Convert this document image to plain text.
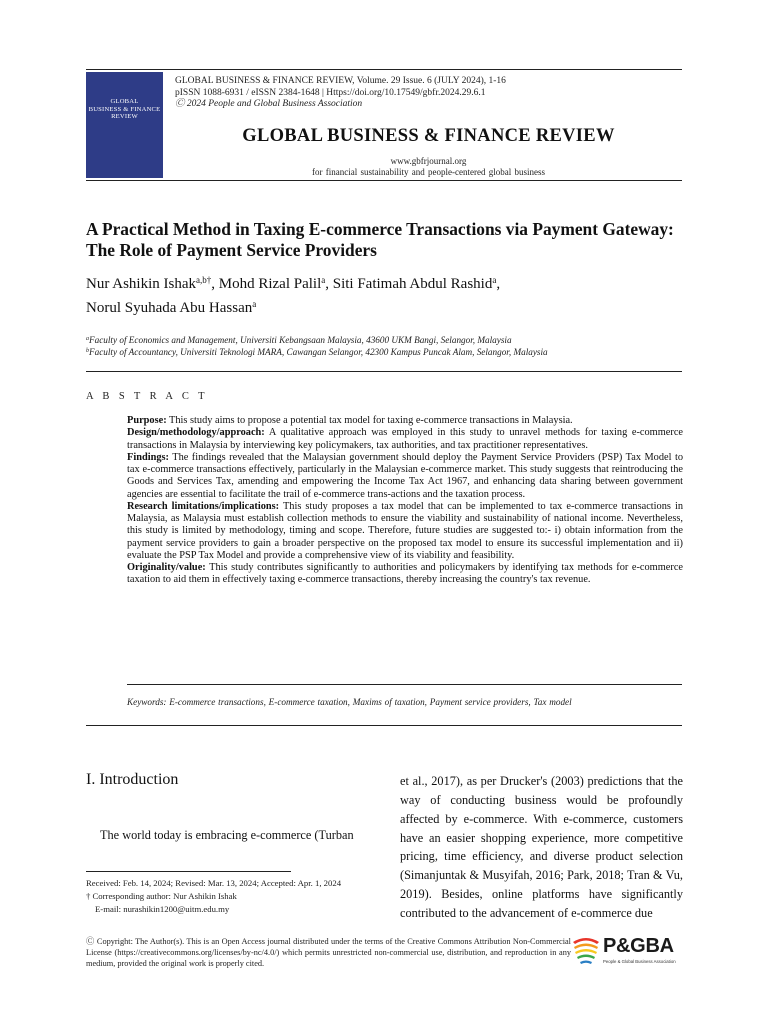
GLOBAL
BUSINESS & FINANCE
REVIEW
GLOBAL BUSINESS & FINANCE REVIEW, Volume. 29 Issue. 6 (JULY 2024), 1-16
pISSN 1088-6931 / eISSN 2384-1648 | Https://doi.org/10.17549/gbfr.2024.29.6.1
Ⓒ 2024 People and Global Business Association
GLOBAL BUSINESS & FINANCE REVIEW
www.gbfrjournal.org
for financial sustainability and people-centered global business
A Practical Method in Taxing E-commerce Transactions via Payment Gateway: The Role of Payment Service Providers
Nur Ashikin Ishak$^{a,b\dagger}$, Mohd Rizal Palil$^a$, Siti Fatimah Abdul Rashid$^a$,
Norul Syuhada Abu Hassan$^a$
$^a$Faculty of Economics and Management, Universiti Kebangsaan Malaysia, 43600 UKM Bangi, Selangor, Malaysia
$^b$Faculty of Accountancy, Universiti Teknologi MARA, Cawangan Selangor, 42300 Kampus Puncak Alam, Selangor, Malaysia
A B S T R A C T

Purpose: This study aims to propose a potential tax model for taxing e-commerce transactions in Malaysia.

Design/methodology/approach: A qualitative approach was employed in this study to unravel methods for taxing e-commerce transactions in Malaysia by interviewing key policymakers, tax authorities, and tax practitioner representatives.

Findings: The findings revealed that the Malaysian government should deploy the Payment Service Providers (PSP) Tax Model to tax e-commerce transactions effectively, particularly in the Malaysian e-commerce market. This study suggests that reintroducing the Goods and Services Tax, amending and empowering the Income Tax Act 1967, and enhancing data sharing between government agencies are essential to facilitate the trail of e-commerce trans-actions and the taxation process.

Research limitations/implications: This study proposes a tax model that can be implemented to tax e-commerce transactions in Malaysia, as Malaysia must establish collection methods to ensure the viability and sustainability of national income. Nevertheless, this study is limited by methodology, timing and scope. Therefore, future studies are suggested to:- i) obtain information from the payment service providers to gain a broader perspective on the proposed tax model to ensure its successful implementation and ii) evaluate the PSP Tax Model and provide a comprehensive view of its viability and feasibility.

Originality/value: This study contributes significantly to authorities and policymakers by identifying tax methods for e-commerce taxation to aid them in effectively taxing e-commerce transactions, thereby increasing the country's tax revenue.

Keywords: E-commerce transactions, E-commerce taxation, Maxims of taxation, Payment service providers, Tax model
I. Introduction
The world today is embracing e-commerce (Turban
et al., 2017), as per Drucker's (2003) predictions that the way of conducting business would be profoundly affected by e-commerce. With e-commerce, customers have an easier shopping experience, more competitive pricing, time efficiency, and diverse product selection (Simanjuntak & Musyifah, 2016; Park, 2018; Tran & Vu, 2019). Besides, online platforms have significantly contributed to the advancement of e-commerce due
Received: Feb. 14, 2024; Revised: Mar. 13, 2024; Accepted: Apr. 1, 2024
† Corresponding author: Nur Ashikin Ishak
E-mail: nurashikin1200@uitm.edu.my
Ⓒ Copyright: The Author(s). This is an Open Access journal distributed under the terms of the Creative Commons Attribution Non-Commercial License (https://creativecommons.org/licenses/by-nc/4.0/) which permits unrestricted non-commercial use, distribution, and reproduction in any medium, provided the original work is properly cited.
P&GBA
People & Global Business Association
